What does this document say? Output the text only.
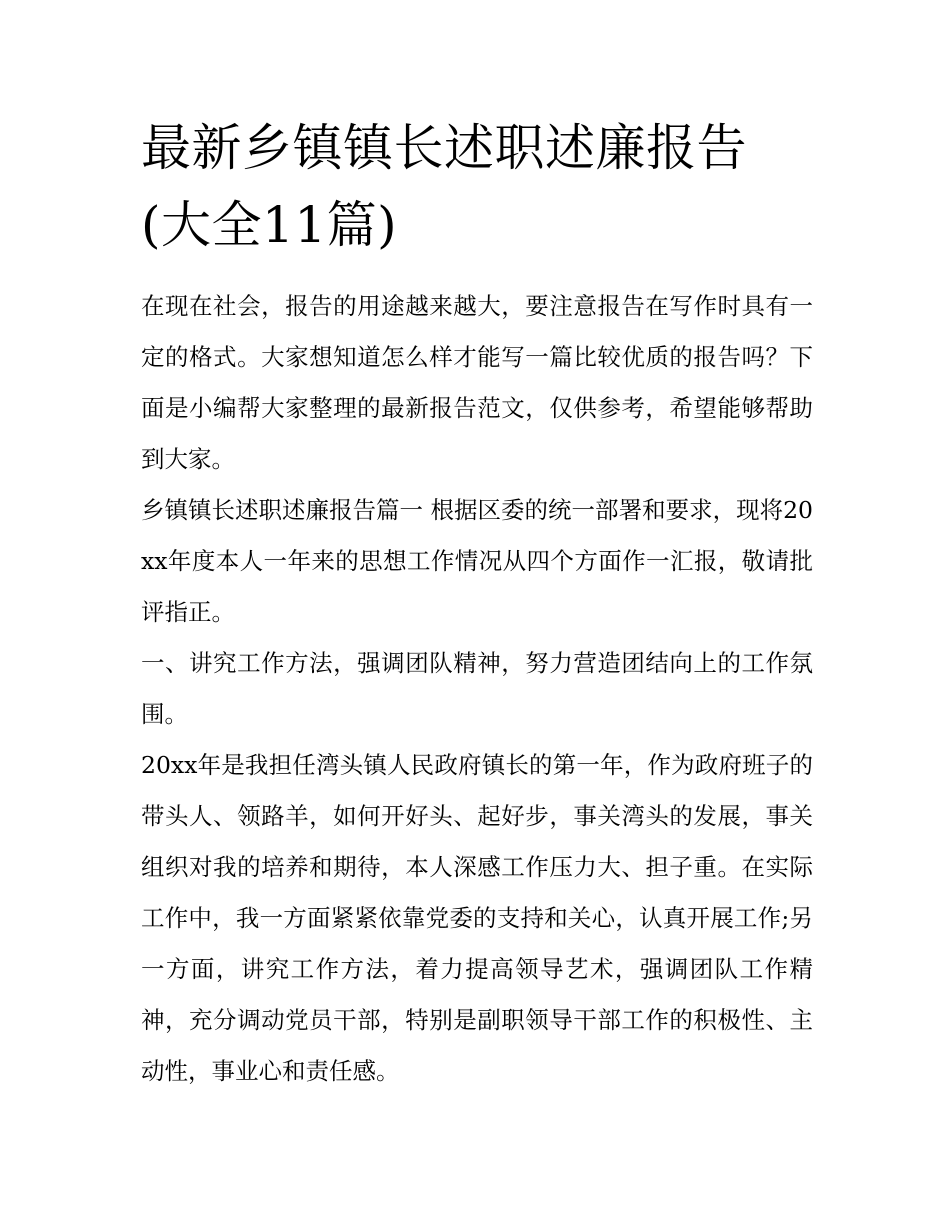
最新乡镇镇长述职述廉报告(大全11篇)

在现在社会，报告的用途越来越大，要注意报告在写作时具有一定的格式。大家想知道怎么样才能写一篇比较优质的报告吗？下面是小编帮大家整理的最新报告范文，仅供参考，希望能够帮助到大家。

乡镇镇长述职述廉报告篇一 根据区委的统一部署和要求，现将20xx年度本人一年来的思想工作情况从四个方面作一汇报，敬请批评指正。

一、讲究工作方法，强调团队精神，努力营造团结向上的工作氛围。

20xx年是我担任湾头镇人民政府镇长的第一年，作为政府班子的带头人、领路羊，如何开好头、起好步，事关湾头的发展，事关组织对我的培养和期待，本人深感工作压力大、担子重。在实际工作中，我一方面紧紧依靠党委的支持和关心，认真开展工作;另一方面，讲究工作方法，着力提高领导艺术，强调团队工作精神，充分调动党员干部，特别是副职领导干部工作的积极性、主动性，事业心和责任感。
